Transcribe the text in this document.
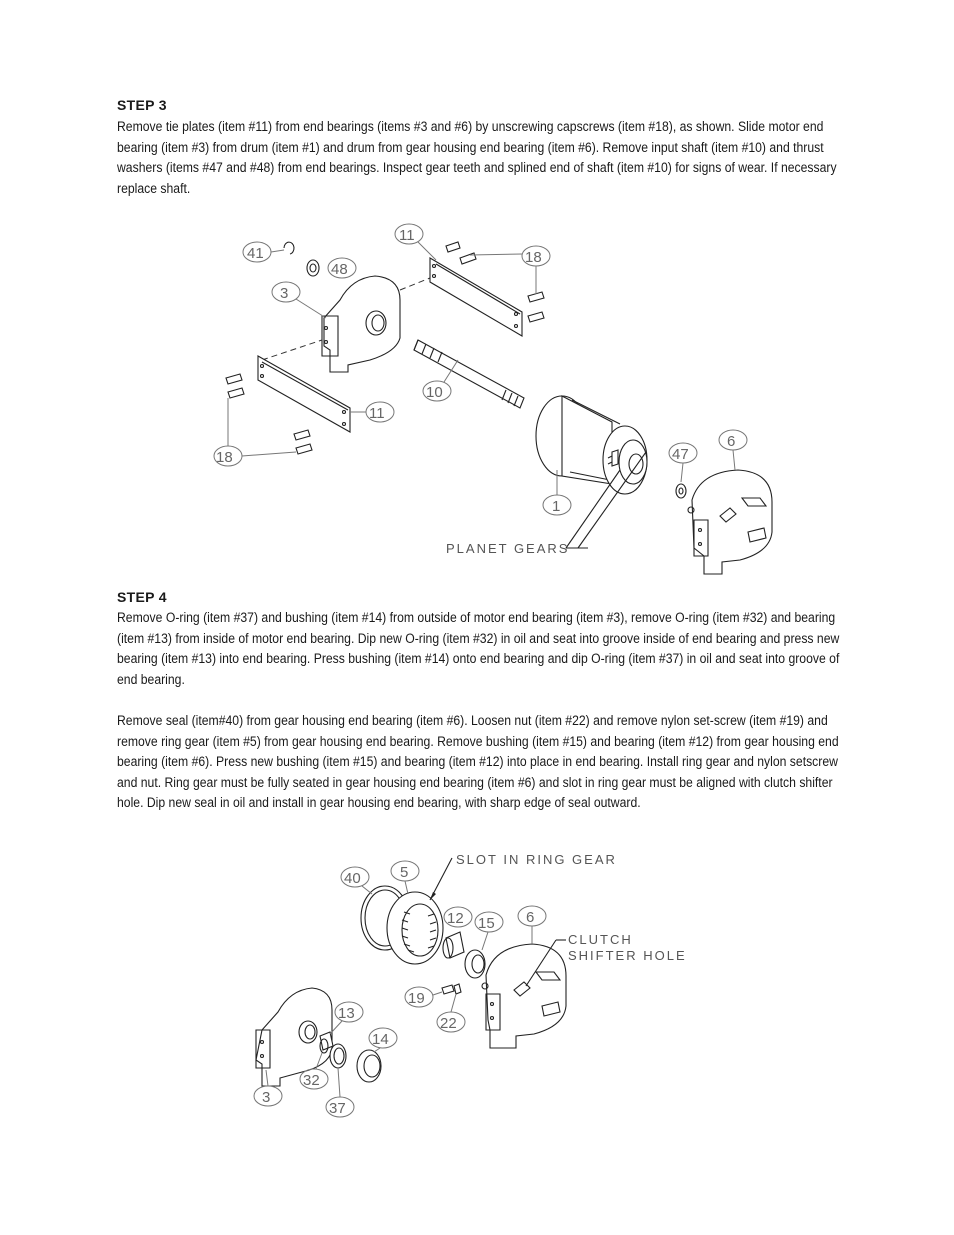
STEP 3

Remove tie plates (item #11) from end bearings (items #3 and #6) by unscrewing capscrews (item #18), as shown. Slide motor end bearing (item #3) from drum (item #1) and drum from gear housing end bearing (item #6). Remove input shaft (item #10) and thrust washers (items #47 and #48) from end bearings. Inspect gear teeth and splined end of shaft (item #10) for signs of wear. If necessary replace shaft.

STEP 4

Remove O-ring (item #37) and bushing (item #14) from outside of motor end bearing (item #3), remove O-ring (item #32) and bearing (item #13) from inside of motor end bearing. Dip new O-ring (item #32) in oil and seat into groove inside of end bearing and press new bearing (item #13) into end bearing. Press bushing (item #14) onto end bearing and dip O-ring (item #37) in oil and seat into groove of end bearing.

Remove seal (item#40) from gear housing end bearing (item #6). Loosen nut (item #22) and remove nylon set-screw (item #19) and remove ring gear (item #5) from gear housing end bearing. Remove bushing (item #15) and bearing (item #12) from gear housing end bearing (item #6). Press new bushing (item #15) and bearing (item #12) into place in end bearing. Install ring gear and nylon setscrew and nut. Ring gear must be fully seated in gear housing end bearing (item #6) and slot in ring gear must be aligned with clutch shifter hole. Dip new seal in oil and install in gear housing end bearing, with sharp edge of seal outward.

41
48
3
11
18
11
18
10
1
PLANET GEARS
47
6
40	5
SLOT IN RING GEAR
12 15 6
CLUTCH
SHIFTER HOLE
19
22
3
13
32
37
14
